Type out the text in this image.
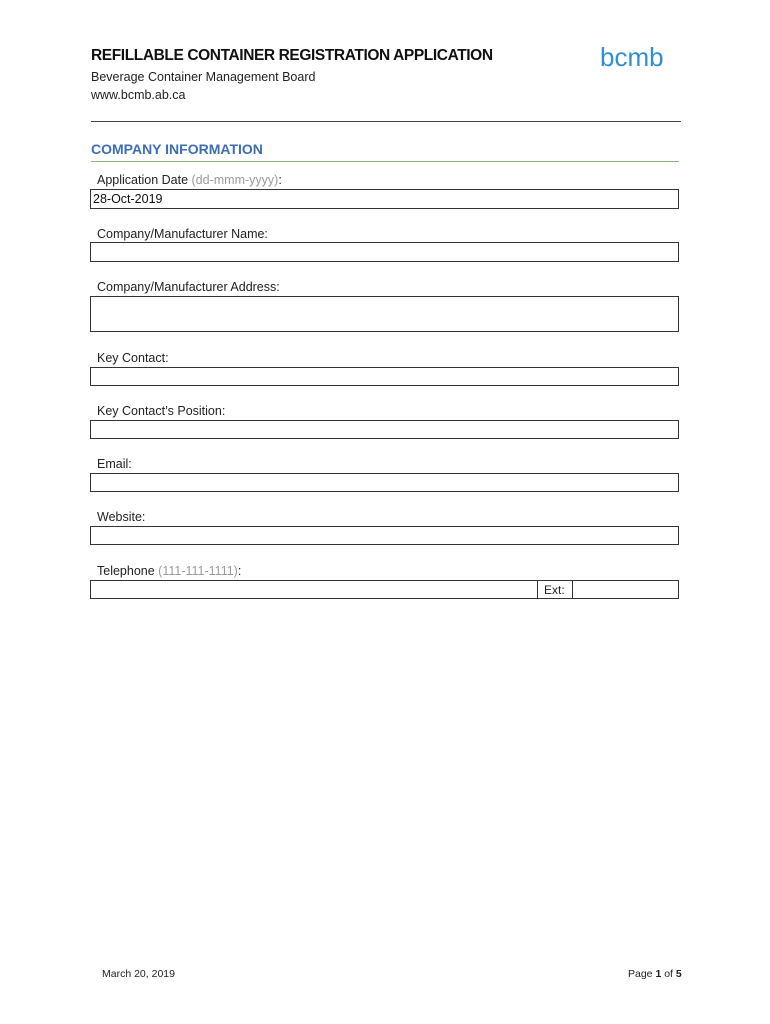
REFILLABLE CONTAINER REGISTRATION APPLICATION
Beverage Container Management Board
www.bcmb.ab.ca
bcmb
COMPANY INFORMATION
Application Date (dd-mmm-yyyy):
28-Oct-2019
Company/Manufacturer Name:
Company/Manufacturer Address:
Key Contact:
Key Contact’s Position:
Email:
Website:
Telephone (111-111-1111):
Ext:
March 20, 2019	Page 1 of 5
